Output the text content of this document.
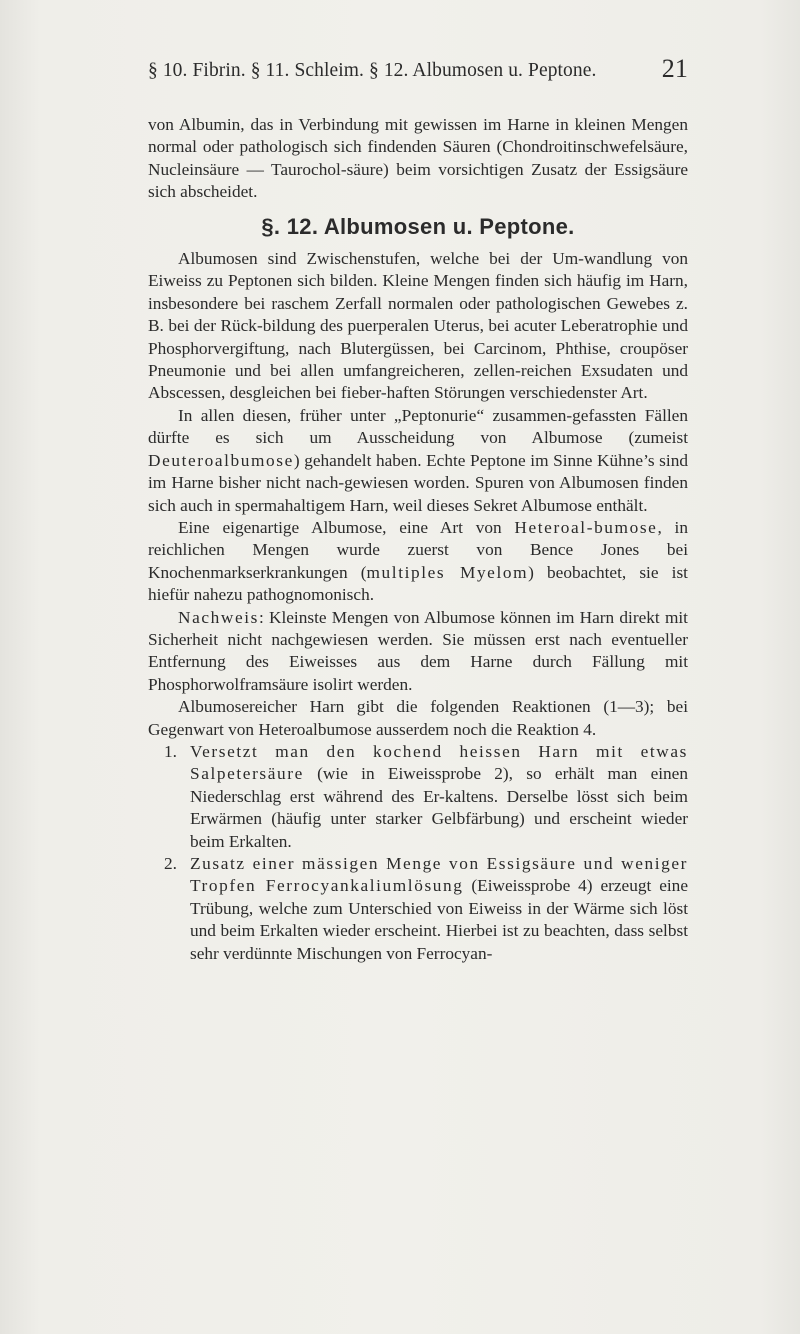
§ 10. Fibrin. § 11. Schleim. § 12. Albumosen u. Peptone.	21

von Albumin, das in Verbindung mit gewissen im Harne in kleinen Mengen normal oder pathologisch sich findenden Säuren (Chondroitinschwefelsäure, Nucleinsäure — Taurochol-säure) beim vorsichtigen Zusatz der Essigsäure sich abscheidet.

§. 12. Albumosen u. Peptone.

Albumosen sind Zwischenstufen, welche bei der Um-wandlung von Eiweiss zu Peptonen sich bilden. Kleine Mengen finden sich häufig im Harn, insbesondere bei raschem Zerfall normalen oder pathologischen Gewebes z. B. bei der Rück-bildung des puerperalen Uterus, bei acuter Leberatrophie und Phosphorvergiftung, nach Blutergüssen, bei Carcinom, Phthise, croupöser Pneumonie und bei allen umfangreicheren, zellen-reichen Exsudaten und Abscessen, desgleichen bei fieber-haften Störungen verschiedenster Art.

In allen diesen, früher unter „Peptonurie“ zusammen-gefassten Fällen dürfte es sich um Ausscheidung von Albumose (zumeist Deuteroalbumose) gehandelt haben. Echte Peptone im Sinne Kühne’s sind im Harne bisher nicht nach-gewiesen worden. Spuren von Albumosen finden sich auch in spermahaltigem Harn, weil dieses Sekret Albumose enthält.

Eine eigenartige Albumose, eine Art von Heteroal-bumose, in reichlichen Mengen wurde zuerst von Bence Jones bei Knochenmarkserkrankungen (multiples Myelom) beobachtet, sie ist hiefür nahezu pathognomonisch.

Nachweis: Kleinste Mengen von Albumose können im Harn direkt mit Sicherheit nicht nachgewiesen werden. Sie müssen erst nach eventueller Entfernung des Eiweisses aus dem Harne durch Fällung mit Phosphorwolframsäure isolirt werden.

Albumosereicher Harn gibt die folgenden Reaktionen (1—3); bei Gegenwart von Heteroalbumose ausserdem noch die Reaktion 4.

1. Versetzt man den kochend heissen Harn mit etwas Salpetersäure (wie in Eiweissprobe 2), so erhält man einen Niederschlag erst während des Er-kaltens. Derselbe lösst sich beim Erwärmen (häufig unter starker Gelbfärbung) und erscheint wieder beim Erkalten.

2. Zusatz einer mässigen Menge von Essigsäure und weniger Tropfen Ferrocyankaliumlösung (Eiweissprobe 4) erzeugt eine Trübung, welche zum Unterschied von Eiweiss in der Wärme sich löst und beim Erkalten wieder erscheint. Hierbei ist zu beachten, dass selbst sehr verdünnte Mischungen von Ferrocyan-
